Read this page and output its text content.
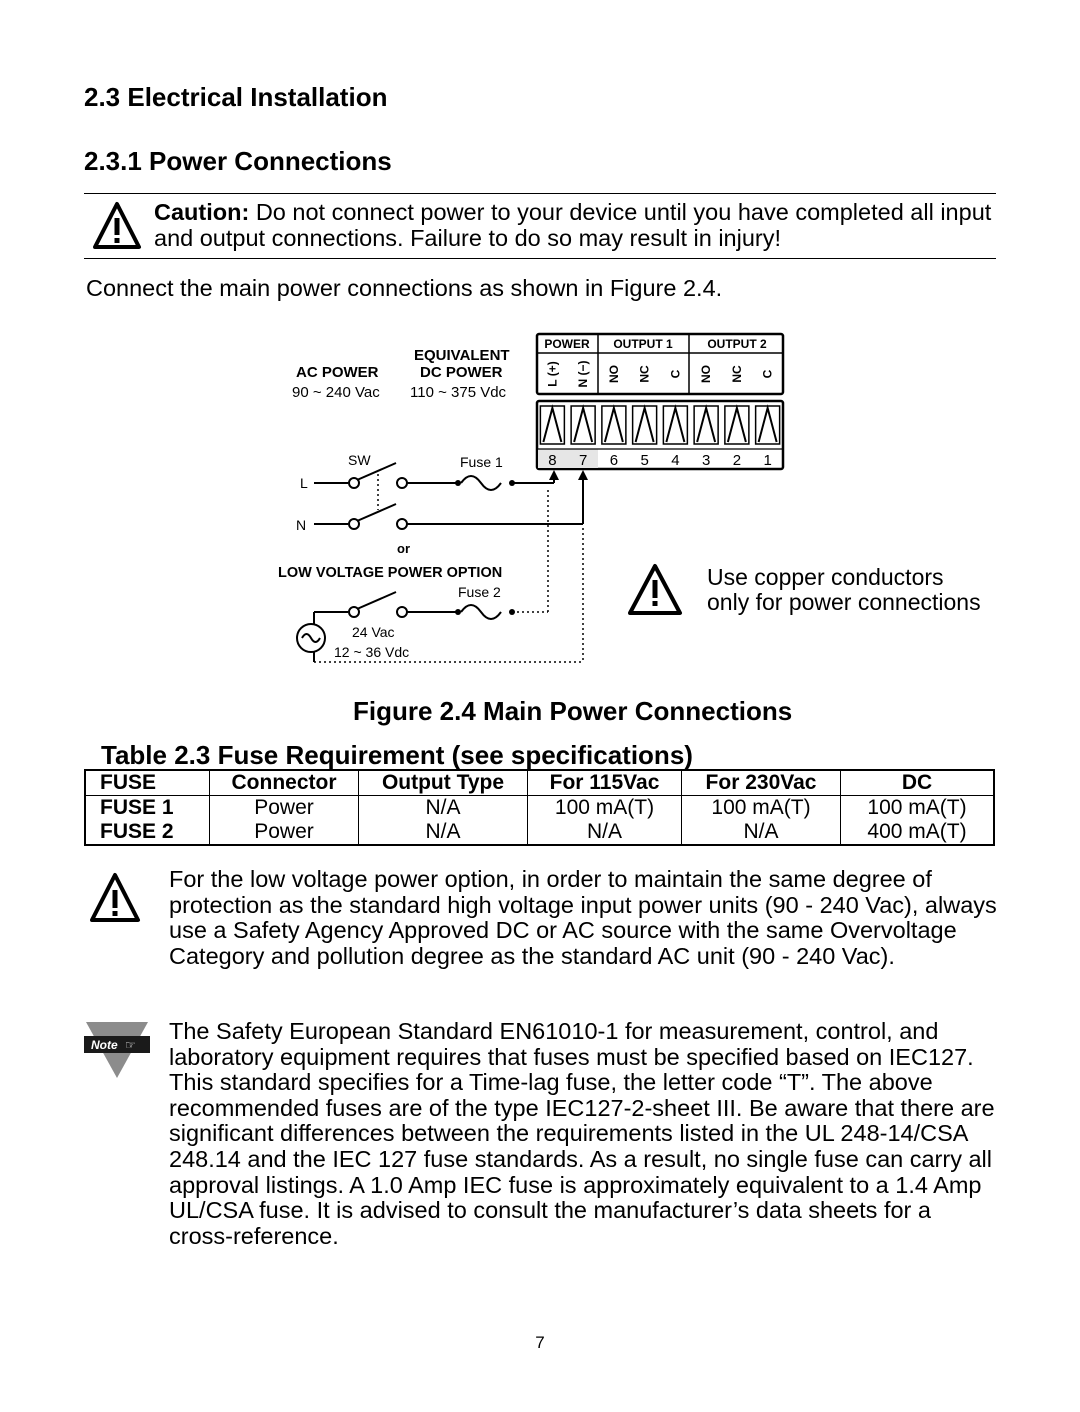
2.3 Electrical Installation
2.3.1 Power Connections
Caution: Do not connect power to your device until you have completed all input and output connections. Failure to do so may result in injury!
Connect the main power connections as shown in Figure 2.4.
AC POWER
90 ~ 240 Vac
EQUIVALENT
DC POWER
110 ~ 375 Vdc
POWER OUTPUT 1	OUTPUT 2
L (+) N (−) NO NC C NO NC C
8 7 6 5 4 3 2 1
SW	Fuse 1
L
N
or
LOW VOLTAGE POWER OPTION
Fuse 2
24 Vac
12 ~ 36 Vdc
Use copper conductors
only for power connections
Figure 2.4 Main Power Connections
Table 2.3 Fuse Requirement (see specifications)
FUSE	Connector	Output Type	For 115Vac	For 230Vac	DC
FUSE 1	Power	N/A	100 mA(T)	100 mA(T)	100 mA(T)
FUSE 2	Power	N/A	N/A	N/A	400 mA(T)
For the low voltage power option, in order to maintain the same degree of protection as the standard high voltage input power units (90 - 240 Vac), always use a Safety Agency Approved DC or AC source with the same Overvoltage Category and pollution degree as the standard AC unit (90 - 240 Vac).
Note ☞
The Safety European Standard EN61010-1 for measurement, control, and laboratory equipment requires that fuses must be specified based on IEC127. This standard specifies for a Time-lag fuse, the letter code “T”. The above recommended fuses are of the type IEC127-2-sheet III. Be aware that there are significant differences between the requirements listed in the UL 248-14/CSA 248.14 and the IEC 127 fuse standards. As a result, no single fuse can carry all approval listings. A 1.0 Amp IEC fuse is approximately equivalent to a 1.4 Amp UL/CSA fuse. It is advised to consult the manufacturer’s data sheets for a cross-reference.
7
